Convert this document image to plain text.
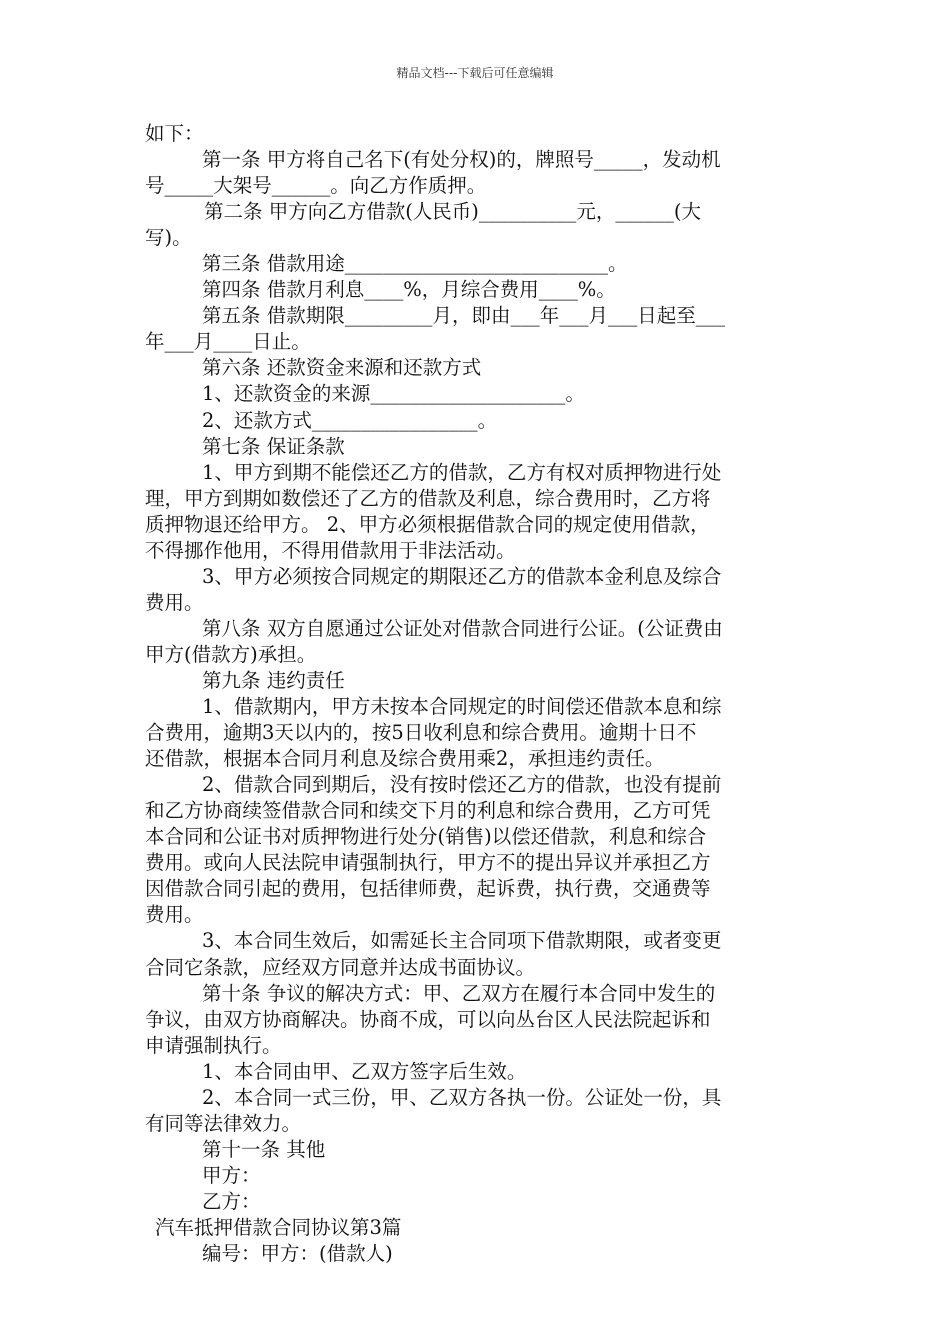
精品文档---下载后可任意编辑
如下：
第一条 甲方将自己名下(有处分权)的，牌照号_____，发动机
号_____大架号______。向乙方作质押。
第二条 甲方向乙方借款(人民币)__________元，______(大
写)。
第三条 借款用途___________________________。
第四条 借款月利息____%，月综合费用____%。
第五条 借款期限_________月，即由___年___月___日起至___
年___月____日止。
第六条 还款资金来源和还款方式
1、还款资金的来源____________________。
2、还款方式_________________。
第七条 保证条款
1、甲方到期不能偿还乙方的借款，乙方有权对质押物进行处
理，甲方到期如数偿还了乙方的借款及利息，综合费用时，乙方将
质押物退还给甲方。 2、甲方必须根据借款合同的规定使用借款，
不得挪作他用，不得用借款用于非法活动。
3、甲方必须按合同规定的期限还乙方的借款本金利息及综合
费用。
第八条 双方自愿通过公证处对借款合同进行公证。(公证费由
甲方(借款方)承担。
第九条 违约责任
1、借款期内，甲方未按本合同规定的时间偿还借款本息和综
合费用，逾期3天以内的，按5日收利息和综合费用。逾期十日不
还借款，根据本合同月利息及综合费用乘2，承担违约责任。
2、借款合同到期后，没有按时偿还乙方的借款，也没有提前
和乙方协商续签借款合同和续交下月的利息和综合费用，乙方可凭
本合同和公证书对质押物进行处分(销售)以偿还借款，利息和综合
费用。或向人民法院申请强制执行，甲方不的提出异议并承担乙方
因借款合同引起的费用，包括律师费，起诉费，执行费，交通费等
费用。
3、本合同生效后，如需延长主合同项下借款期限，或者变更
合同它条款，应经双方同意并达成书面协议。
第十条 争议的解决方式：甲、乙双方在履行本合同中发生的
争议，由双方协商解决。协商不成，可以向丛台区人民法院起诉和
申请强制执行。
1、本合同由甲、乙双方签字后生效。
2、本合同一式三份，甲、乙双方各执一份。公证处一份，具
有同等法律效力。
第十一条 其他
甲方：
乙方：
汽车抵押借款合同协议第3篇
编号：甲方：(借款人)
